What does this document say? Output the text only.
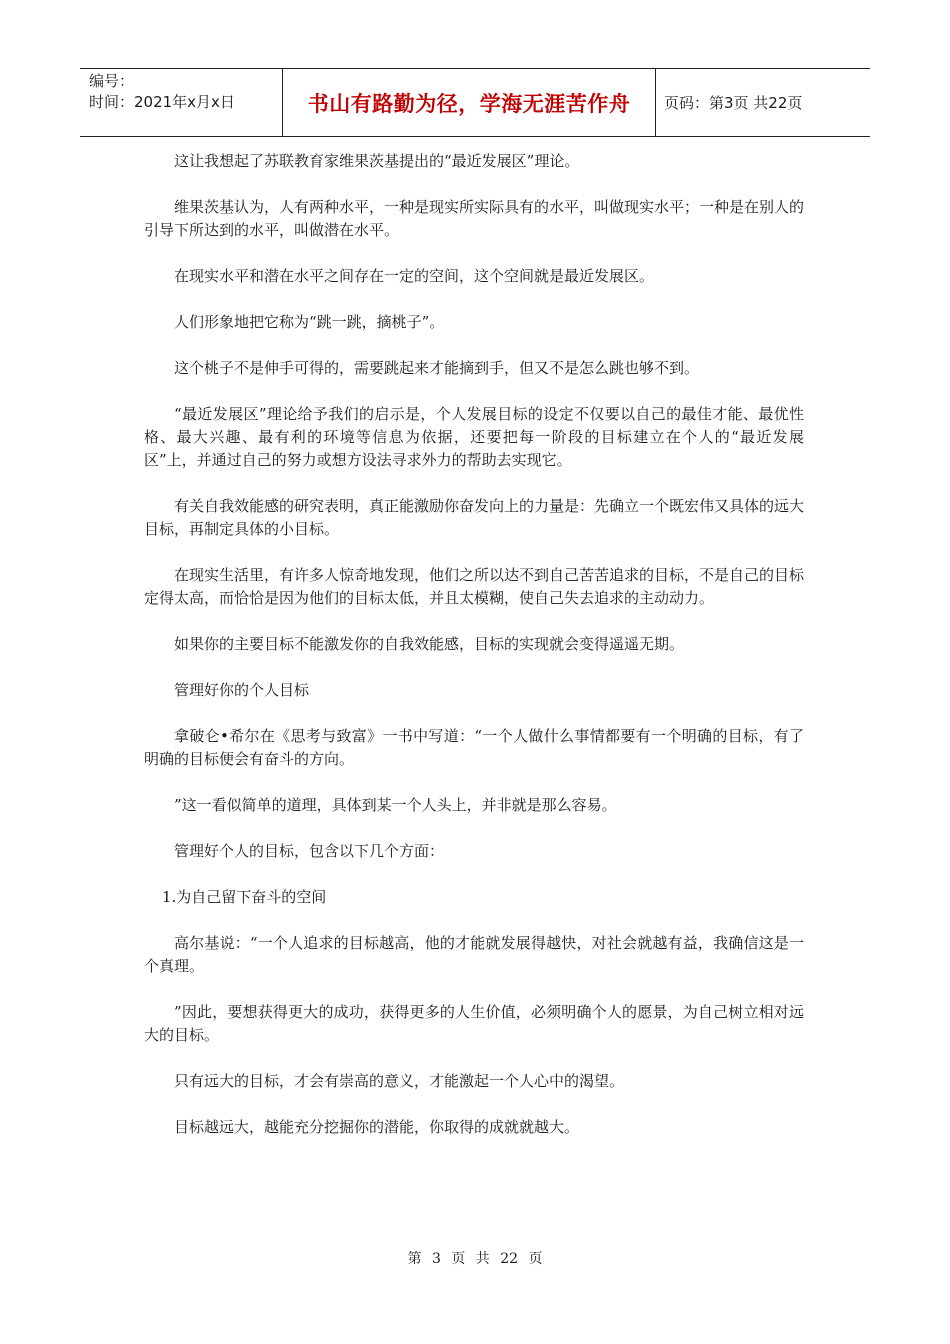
编号：
时间：2021年x月x日	书山有路勤为径，学海无涯苦作舟	页码：第3页 共22页

这让我想起了苏联教育家维果茨基提出的“最近发展区”理论。

维果茨基认为，人有两种水平，一种是现实所实际具有的水平，叫做现实水平；一种是在别人的引导下所达到的水平，叫做潜在水平。

在现实水平和潜在水平之间存在一定的空间，这个空间就是最近发展区。

人们形象地把它称为“跳一跳，摘桃子”。

这个桃子不是伸手可得的，需要跳起来才能摘到手，但又不是怎么跳也够不到。

“最近发展区”理论给予我们的启示是，个人发展目标的设定不仅要以自己的最佳才能、最优性格、最大兴趣、最有利的环境等信息为依据，还要把每一阶段的目标建立在个人的“最近发展区”上，并通过自己的努力或想方设法寻求外力的帮助去实现它。

有关自我效能感的研究表明，真正能激励你奋发向上的力量是：先确立一个既宏伟又具体的远大目标，再制定具体的小目标。

在现实生活里，有许多人惊奇地发现，他们之所以达不到自己苦苦追求的目标，不是自己的目标定得太高，而恰恰是因为他们的目标太低，并且太模糊，使自己失去追求的主动动力。

如果你的主要目标不能激发你的自我效能感，目标的实现就会变得遥遥无期。

管理好你的个人目标

拿破仑•希尔在《思考与致富》一书中写道：“一个人做什么事情都要有一个明确的目标，有了明确的目标便会有奋斗的方向。

”这一看似简单的道理，具体到某一个人头上，并非就是那么容易。

管理好个人的目标，包含以下几个方面：

1.为自己留下奋斗的空间

高尔基说：“一个人追求的目标越高，他的才能就发展得越快，对社会就越有益，我确信这是一个真理。

”因此，要想获得更大的成功，获得更多的人生价值，必须明确个人的愿景，为自己树立相对远大的目标。

只有远大的目标，才会有崇高的意义，才能激起一个人心中的渴望。

目标越远大，越能充分挖掘你的潜能，你取得的成就就越大。

第 3 页 共 22 页
